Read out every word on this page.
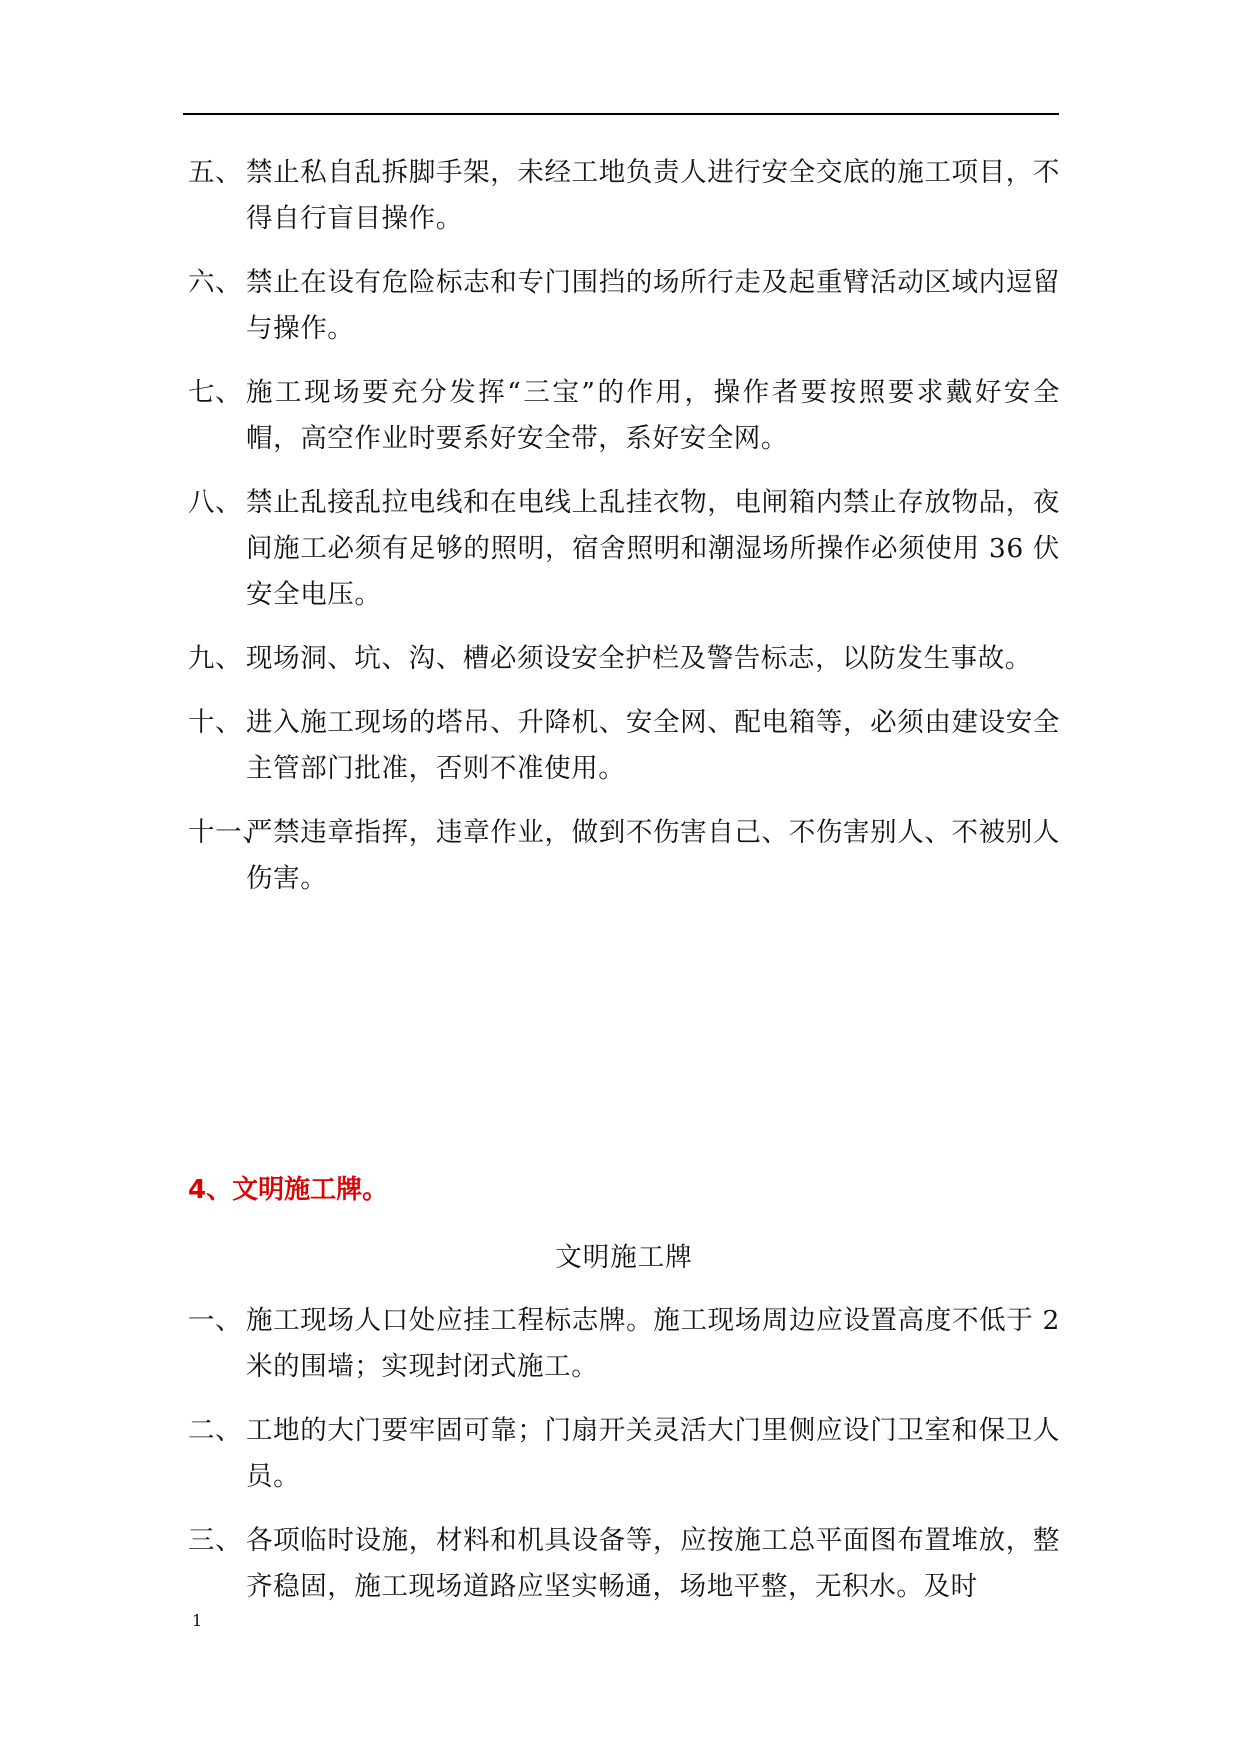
五、 禁止私自乱拆脚手架，未经工地负责人进行安全交底的施工项目，不得自行盲目操作。
六、 禁止在设有危险标志和专门围挡的场所行走及起重臂活动区域内逗留与操作。
七、 施工现场要充分发挥“三宝”的作用，操作者要按照要求戴好安全帽，高空作业时要系好安全带，系好安全网。
八、 禁止乱接乱拉电线和在电线上乱挂衣物，电闸箱内禁止存放物品，夜间施工必须有足够的照明，宿舍照明和潮湿场所操作必须使用 36 伏安全电压。
九、 现场洞、坑、沟、槽必须设安全护栏及警告标志，以防发生事故。
十、 进入施工现场的塔吊、升降机、安全网、配电箱等，必须由建设安全主管部门批准，否则不准使用。
十一、
严禁违章指挥，违章作业，做到不伤害自己、不伤害别人、不被别人伤害。
4、文明施工牌。
文明施工牌
一、 施工现场人口处应挂工程标志牌。施工现场周边应设置高度不低于 2 米的围墙；实现封闭式施工。
二、 工地的大门要牢固可靠；门扇开关灵活大门里侧应设门卫室和保卫人员。
三、 各项临时设施，材料和机具设备等，应按施工总平面图布置堆放，整齐稳固，施工现场道路应坚实畅通，场地平整，无积水。及时
1
